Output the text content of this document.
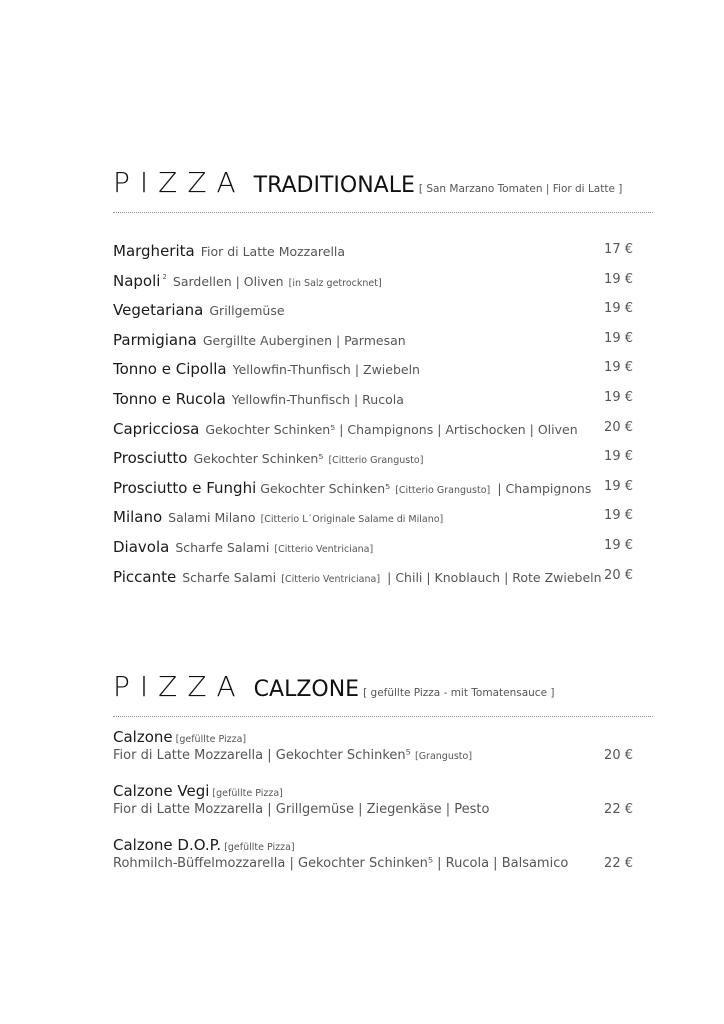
PIZZA TRADITIONALE [ San Marzano Tomaten | Fior di Latte ]
Margherita Fior di Latte Mozzarella	17 €
Napoli $^2$ Sardellen | Oliven [in Salz getrocknet]	19 €
Vegetariana Grillgemüse	19 €
Parmigiana Gergillte Auberginen | Parmesan	19 €
Tonno e Cipolla Yellowfin-Thunfisch | Zwiebeln	19 €
Tonno e Rucola Yellowfin-Thunfisch | Rucola	19 €
Capricciosa Gekochter Schinken⁵ | Champignons | Artischocken | Oliven 20 €
Prosciutto Gekochter Schinken⁵ [Citterio Grangusto]	19 €
Prosciutto e Funghi Gekochter Schinken⁵ [Citterio Grangusto] | Champignons 19 €
Milano Salami Milano [Citterio L´Originale Salame di Milano]	19 €
Diavola Scharfe Salami [Citterio Ventriciana]	19 €
Piccante Scharfe Salami [Citterio Ventriciana] | Chili | Knoblauch | Rote Zwiebeln 20 €
PIZZA CALZONE [ gefüllte Pizza - mit Tomatensauce ]
Calzone [gefüllte Pizza]
Fior di Latte Mozzarella | Gekochter Schinken⁵ [Grangusto]	20 €
Calzone Vegi [gefüllte Pizza]
Fior di Latte Mozzarella | Grillgemüse | Ziegenkäse | Pesto	22 €
Calzone D.O.P. [gefüllte Pizza]
Rohmilch-Büffelmozzarella | Gekochter Schinken⁵ | Rucola | Balsamico	22 €
